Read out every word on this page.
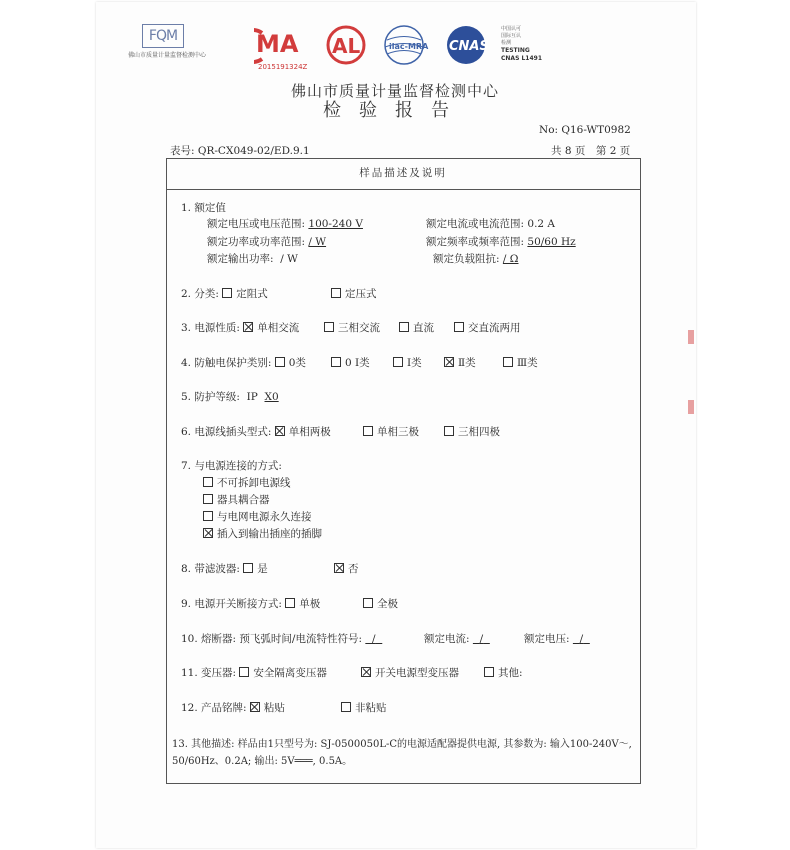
FQM
佛山市质量计量监督检测中心 MA AL	ilac-MRA CNAS
2015191324Z
中国认可
国际互认
检测
TESTING
CNAS L1491
佛山市质量计量监督检测中心
检验报告
No: Q16-WT0982
表号: QR-CX049-02/ED.9.1	共 8 页　第 2 页
样品描述及说明
1. 额定值
额定电压或电压范围: 100-240 V	额定电流或电流范围: 0.2 A
额定功率或功率范围: / W	额定频率或频率范围: 50/60 Hz
额定输出功率: / W	额定负载阻抗: / Ω
2. 分类: 定阻式	定压式
3. 电源性质: 单相交流	三相交流	直流	交直流两用
4. 防触电保护类别: 0类	0 Ⅰ类	Ⅰ类	Ⅱ类	Ⅲ类
5. 防护等级: IP X0
6. 电源线插头型式: 单相两极	单相三极	三相四极
7. 与电源连接的方式:
不可拆卸电源线
器具耦合器
与电网电源永久连接
插入到输出插座的插脚
8. 带滤波器: 是	否
9. 电源开关断接方式: 单极	全极
10. 熔断器: 预飞弧时间/电流特性符号: /	额定电流: /	额定电压: /
11. 变压器: 安全隔离变压器	开关电源型变压器	其他:
12. 产品铭牌: 粘贴	非粘贴
13. 其他描述: 样品由1只型号为: SJ-0500050L-C的电源适配器提供电源, 其参数为: 输入100-240V～,
50/60Hz、0.2A; 输出: 5V═══, 0.5A。
